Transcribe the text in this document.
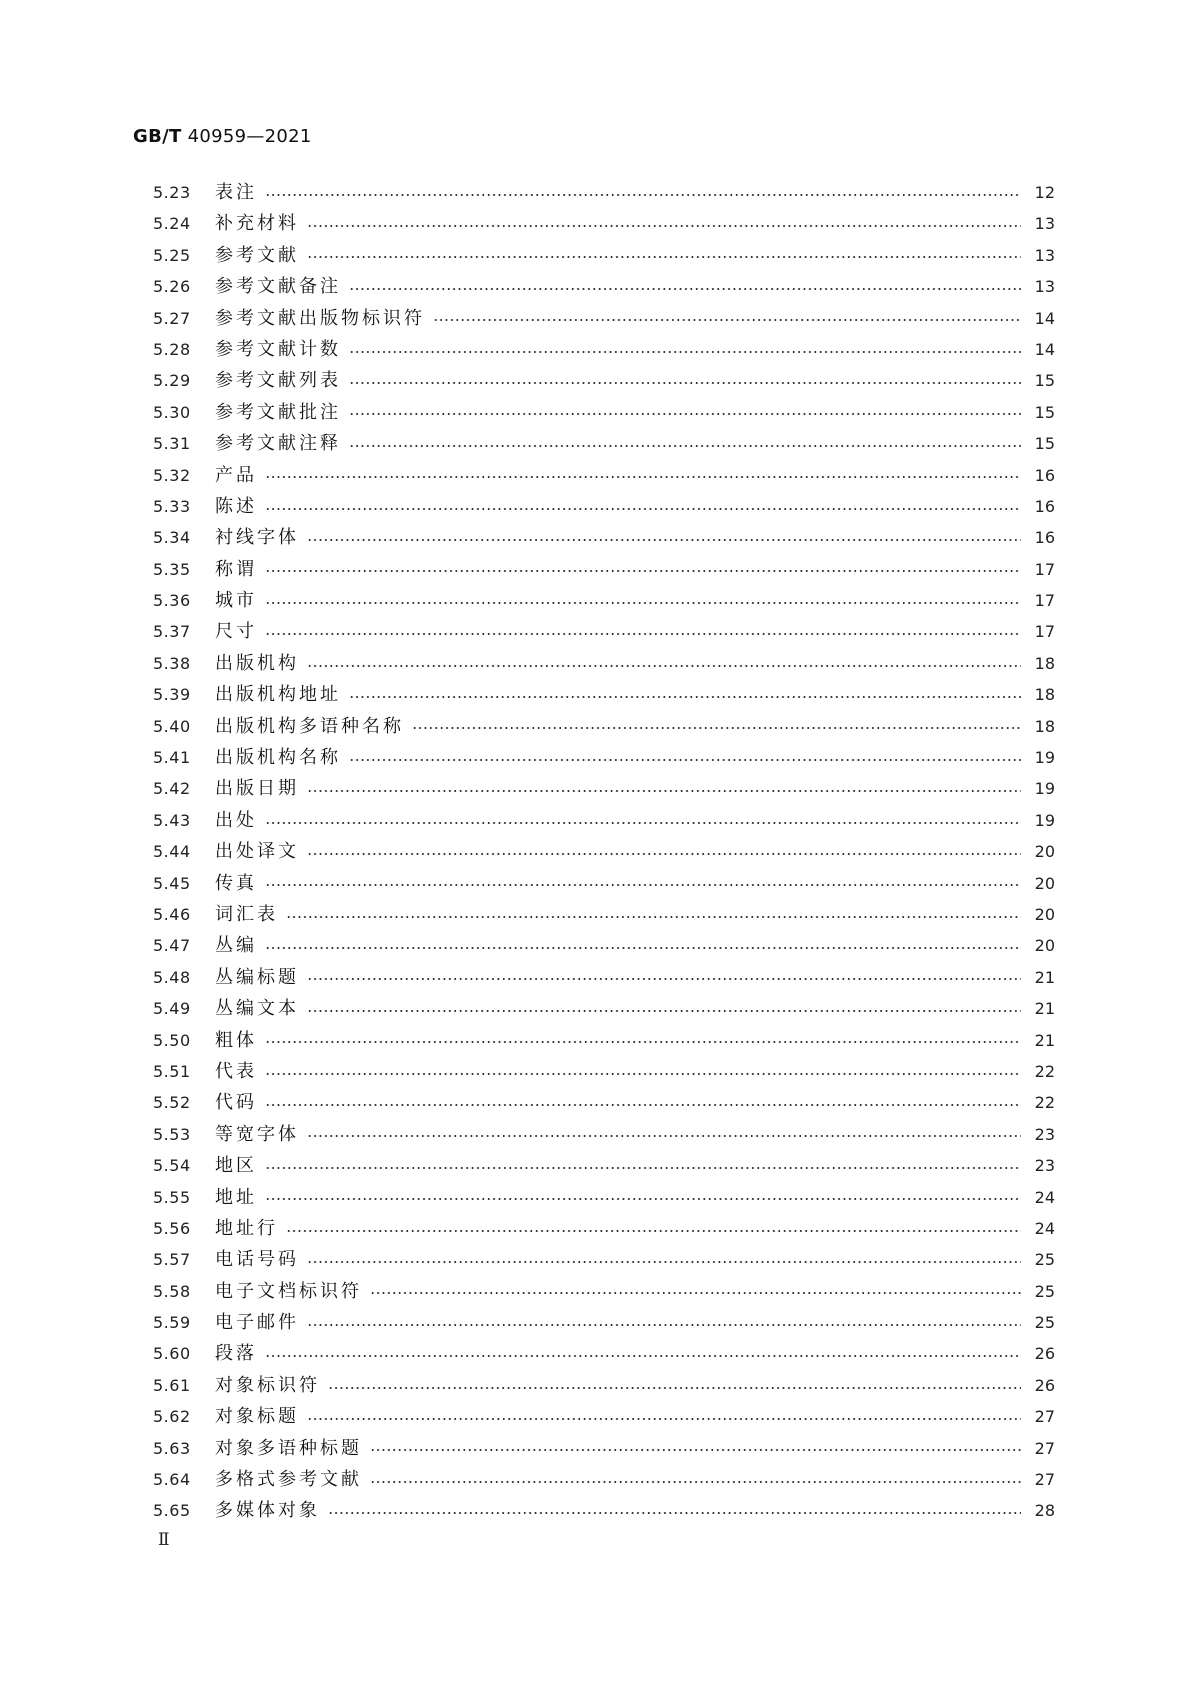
GB/T 40959—2021
5.23	表注	12
5.24	补充材料	13
5.25	参考文献	13
5.26	参考文献备注	13
5.27	参考文献出版物标识符	14
5.28	参考文献计数	14
5.29	参考文献列表	15
5.30	参考文献批注	15
5.31	参考文献注释	15
5.32	产品	16
5.33	陈述	16
5.34	衬线字体	16
5.35	称谓	17
5.36	城市	17
5.37	尺寸	17
5.38	出版机构	18
5.39	出版机构地址	18
5.40	出版机构多语种名称	18
5.41	出版机构名称	19
5.42	出版日期	19
5.43	出处	19
5.44	出处译文	20
5.45	传真	20
5.46	词汇表	20
5.47	丛编	20
5.48	丛编标题	21
5.49	丛编文本	21
5.50	粗体	21
5.51	代表	22
5.52	代码	22
5.53	等宽字体	23
5.54	地区	23
5.55	地址	24
5.56	地址行	24
5.57	电话号码	25
5.58	电子文档标识符	25
5.59	电子邮件	25
5.60	段落	26
5.61	对象标识符	26
5.62	对象标题	27
5.63	对象多语种标题	27
5.64	多格式参考文献	27
5.65	多媒体对象	28
Ⅱ
